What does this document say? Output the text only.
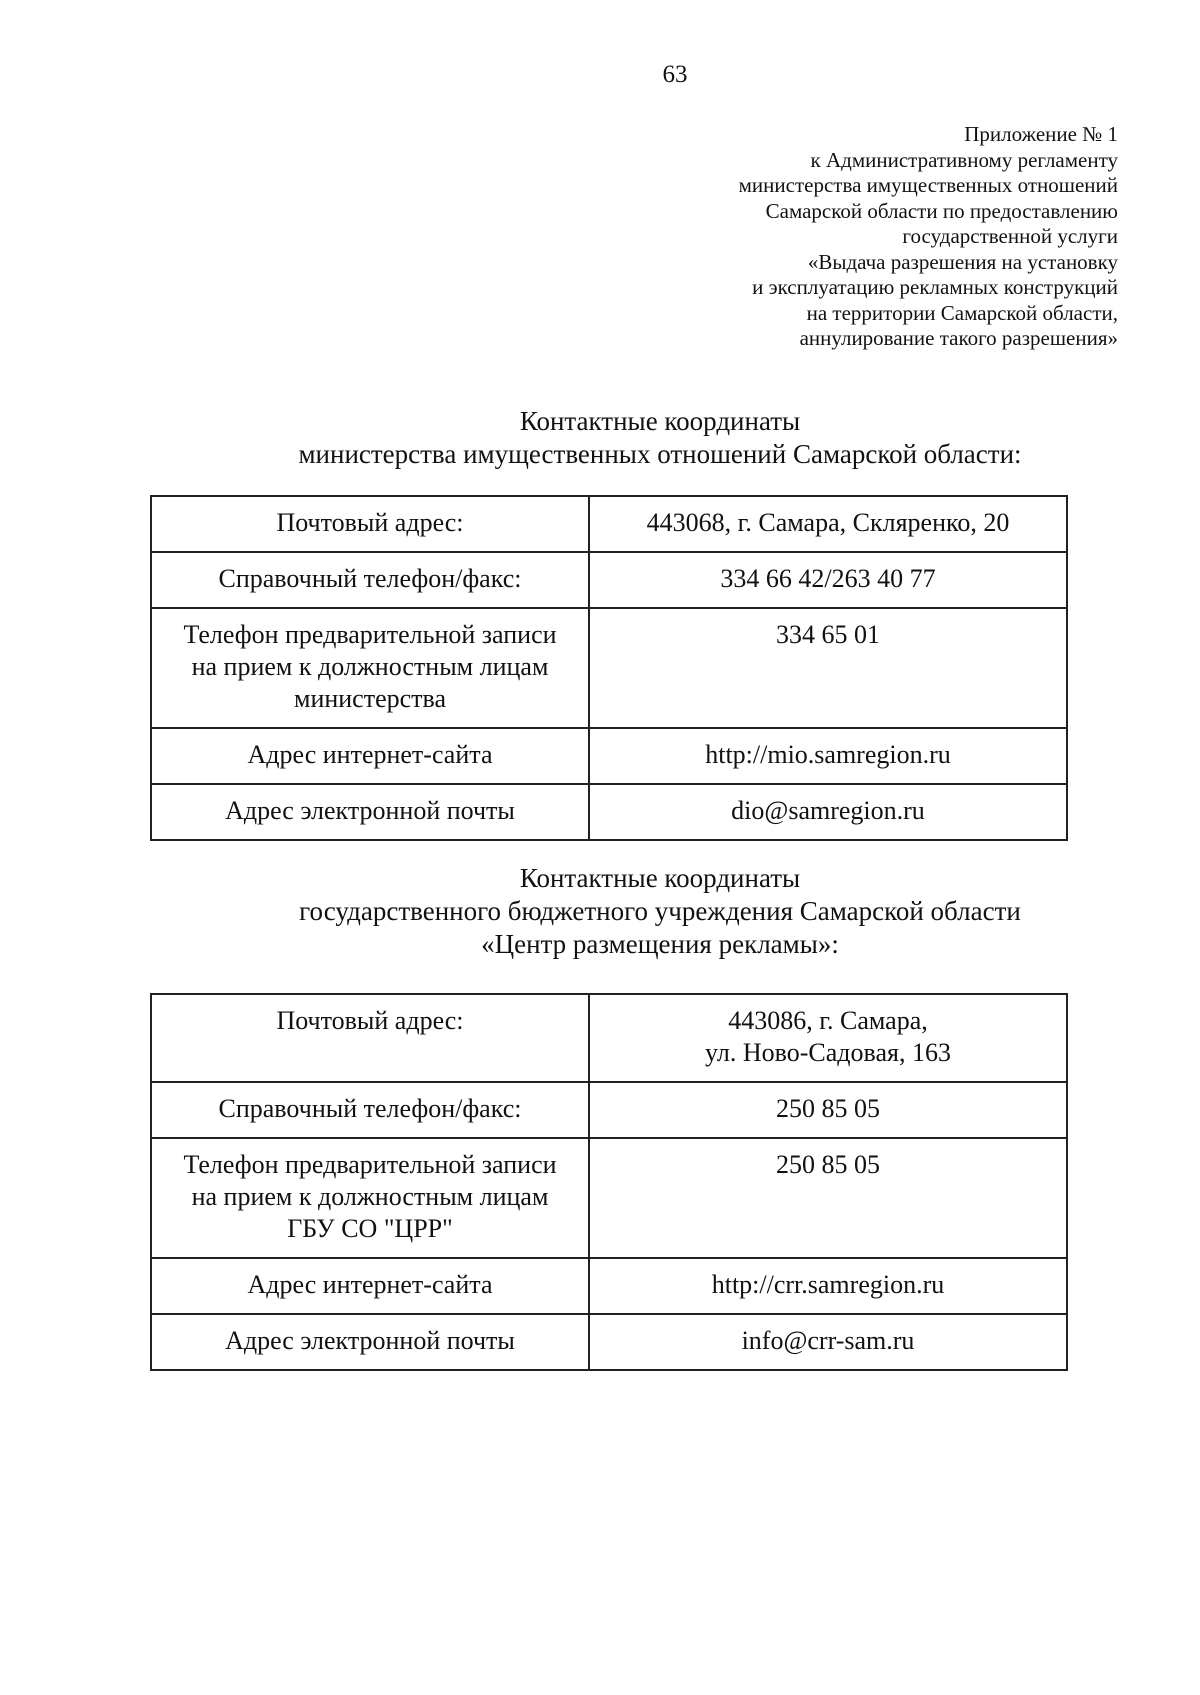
63
Приложение № 1
к Административному регламенту
министерства имущественных отношений
Самарской области по предоставлению
государственной услуги
«Выдача разрешения на установку
и эксплуатацию рекламных конструкций
на территории Самарской области,
аннулирование такого разрешения»
Контактные координаты
министерства имущественных отношений Самарской области:
Почтовый адрес:	443068, г. Самара, Скляренко, 20

Справочный телефон/факс:	334 66 42/263 40 77

Телефон предварительной записи
на прием к должностным лицам
министерства	334 65 01

Адрес интернет-сайта	http://mio.samregion.ru

Адрес электронной почты	dio@samregion.ru
Контактные координаты
государственного бюджетного учреждения Самарской области
«Центр размещения рекламы»:
Почтовый адрес:	443086, г. Самара,
ул. Ново-Садовая, 163

Справочный телефон/факс:	250 85 05

Телефон предварительной записи
на прием к должностным лицам
ГБУ СО "ЦРР"	250 85 05

Адрес интернет-сайта	http://crr.samregion.ru

Адрес электронной почты	info@crr-sam.ru
